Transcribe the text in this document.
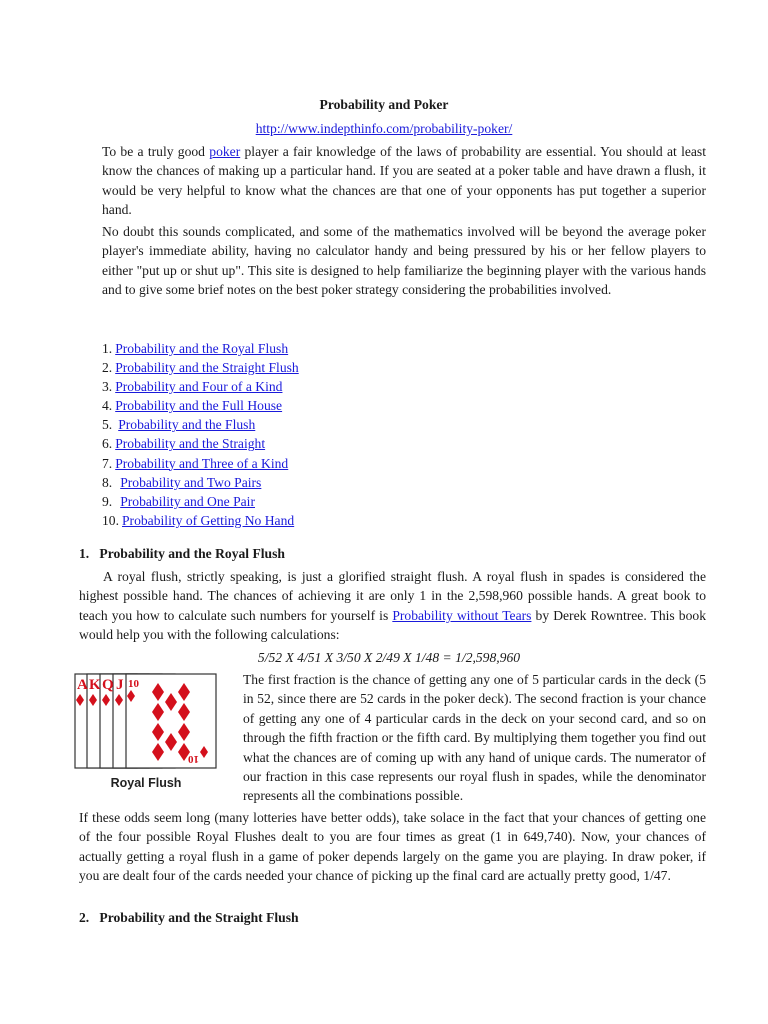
Probability and Poker
http://www.indepthinfo.com/probability-poker/
To be a truly good poker player a fair knowledge of the laws of probability are essential. You should at least know the chances of making up a particular hand. If you are seated at a poker table and have drawn a flush, it would be very helpful to know what the chances are that one of your opponents has put together a superior hand.
No doubt this sounds complicated, and some of the mathematics involved will be beyond the average poker player's immediate ability, having no calculator handy and being pressured by his or her fellow players to either "put up or shut up". This site is designed to help familiarize the beginning player with the various hands and to give some brief notes on the best poker strategy considering the probabilities involved.
1. Probability and the Royal Flush
2. Probability and the Straight Flush
3. Probability and Four of a Kind
4. Probability and the Full House
5. Probability and the Flush
6. Probability and the Straight
7. Probability and Three of a Kind
8. Probability and Two Pairs
9. Probability and One Pair
10. Probability of Getting No Hand
1. Probability and the Royal Flush
A royal flush, strictly speaking, is just a glorified straight flush. A royal flush in spades is considered the highest possible hand. The chances of achieving it are only 1 in the 2,598,960 possible hands. A great book to teach you how to calculate such numbers for yourself is Probability without Tears by Derek Rowntree. This book would help you with the following calculations:
5/52 X 4/51 X 3/50 X 2/49 X 1/48 = 1/2,598,960
A K Q J 10
10
Royal Flush
The first fraction is the chance of getting any one of 5 particular cards in the deck (5 in 52, since there are 52 cards in the poker deck). The second fraction is your chance of getting any one of 4 particular cards in the deck on your second card, and so on through the fifth fraction or the fifth card. By multiplying them together you find out what the chances are of coming up with any hand of unique cards. The numerator of our fraction in this case represents our royal flush in spades, while the denominator represents all the combinations possible.
If these odds seem long (many lotteries have better odds), take solace in the fact that your chances of getting one of the four possible Royal Flushes dealt to you are four times as great (1 in 649,740). Now, your chances of actually getting a royal flush in a game of poker depends largely on the game you are playing. In draw poker, if you are dealt four of the cards needed your chance of picking up the final card are actually pretty good, 1/47.
2. Probability and the Straight Flush
